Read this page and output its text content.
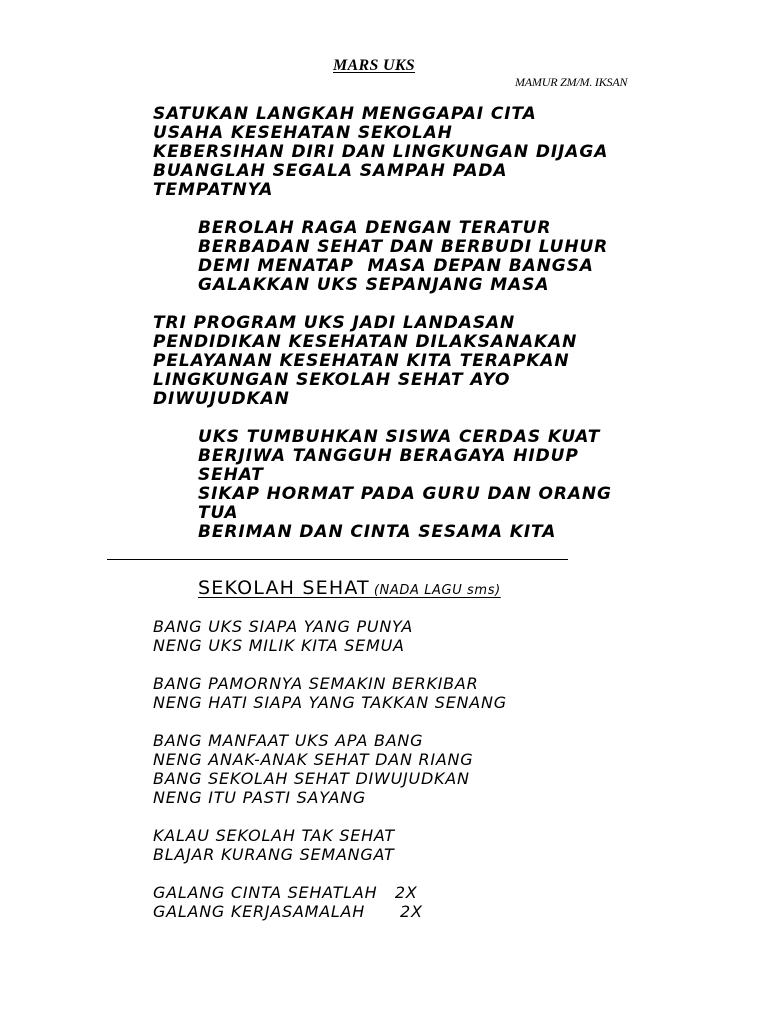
MARS UKS
MAMUR ZM/M. IKSAN
SATUKAN LANGKAH MENGGAPAI CITA
USAHA KESEHATAN SEKOLAH
KEBERSIHAN DIRI DAN LINGKUNGAN DIJAGA
BUANGLAH SEGALA SAMPAH PADA
TEMPATNYA
BEROLAH RAGA DENGAN TERATUR
BERBADAN SEHAT DAN BERBUDI LUHUR
DEMI MENATAP  MASA DEPAN BANGSA
GALAKKAN UKS SEPANJANG MASA
TRI PROGRAM UKS JADI LANDASAN
PENDIDIKAN KESEHATAN DILAKSANAKAN
PELAYANAN KESEHATAN KITA TERAPKAN
LINGKUNGAN SEKOLAH SEHAT AYO
DIWUJUDKAN
UKS TUMBUHKAN SISWA CERDAS KUAT
BERJIWA TANGGUH BERAGAYA HIDUP
SEHAT
SIKAP HORMAT PADA GURU DAN ORANG
TUA
BERIMAN DAN CINTA SESAMA KITA
SEKOLAH SEHAT (NADA LAGU sms)
BANG UKS SIAPA YANG PUNYA
NENG UKS MILIK KITA SEMUA
BANG PAMORNYA SEMAKIN BERKIBAR
NENG HATI SIAPA YANG TAKKAN SENANG
BANG MANFAAT UKS APA BANG
NENG ANAK-ANAK SEHAT DAN RIANG
BANG SEKOLAH SEHAT DIWUJUDKAN
NENG ITU PASTI SAYANG
KALAU SEKOLAH TAK SEHAT
BLAJAR KURANG SEMANGAT
GALANG CINTA SEHATLAH   2X
GALANG KERJASAMALAH      2X
